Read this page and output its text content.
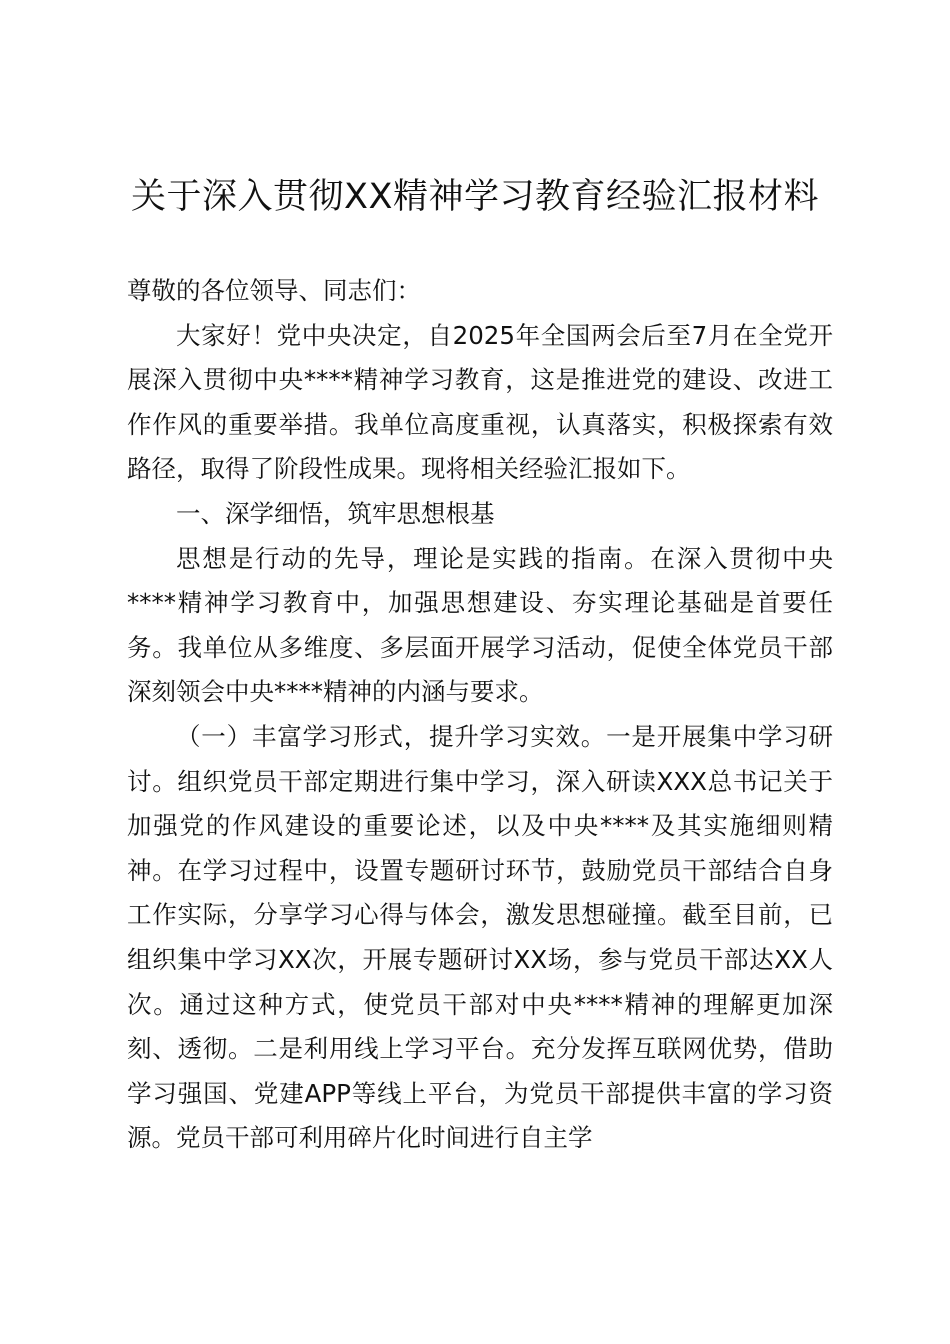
关于深入贯彻XX精神学习教育经验汇报材料

尊敬的各位领导、同志们：

大家好！党中央决定，自2025年全国两会后至7月在全党开展深入贯彻中央****精神学习教育，这是推进党的建设、改进工作作风的重要举措。我单位高度重视，认真落实，积极探索有效路径，取得了阶段性成果。现将相关经验汇报如下。

一、深学细悟，筑牢思想根基

思想是行动的先导，理论是实践的指南。在深入贯彻中央****精神学习教育中，加强思想建设、夯实理论基础是首要任务。我单位从多维度、多层面开展学习活动，促使全体党员干部深刻领会中央****精神的内涵与要求。

（一）丰富学习形式，提升学习实效。一是开展集中学习研讨。组织党员干部定期进行集中学习，深入研读XXX总书记关于加强党的作风建设的重要论述，以及中央****及其实施细则精神。在学习过程中，设置专题研讨环节，鼓励党员干部结合自身工作实际，分享学习心得与体会，激发思想碰撞。截至目前，已组织集中学习XX次，开展专题研讨XX场，参与党员干部达XX人次。通过这种方式，使党员干部对中央****精神的理解更加深刻、透彻。二是利用线上学习平台。充分发挥互联网优势，借助学习强国、党建APP等线上平台，为党员干部提供丰富的学习资源。党员干部可利用碎片化时间进行自主学
